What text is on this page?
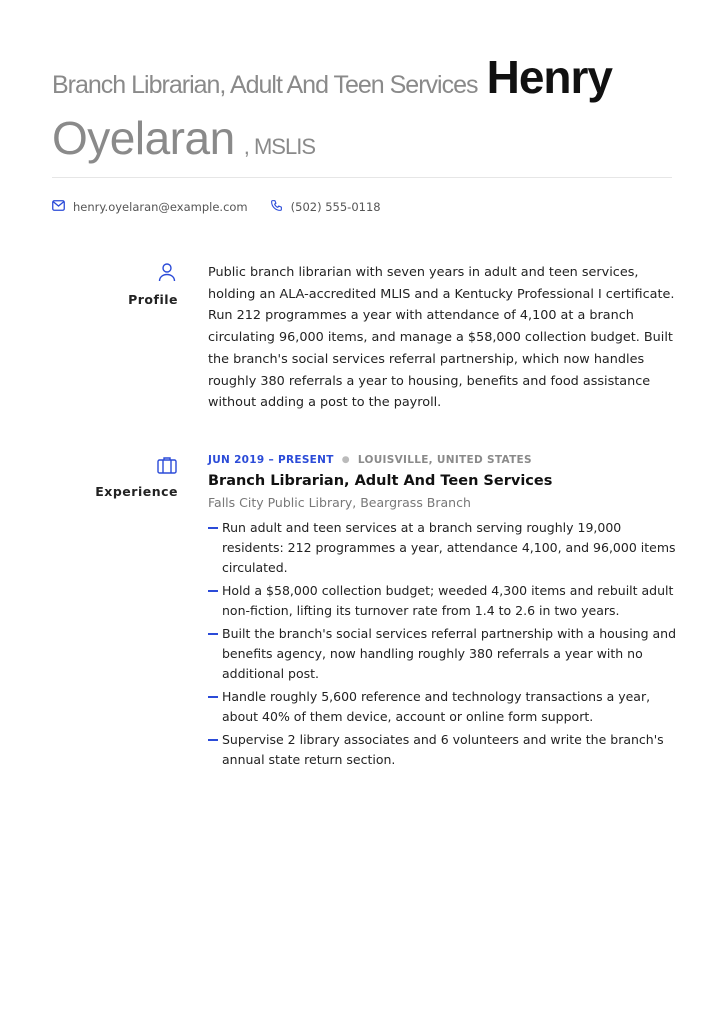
Branch Librarian, Adult And Teen Services Henry
Oyelaran , MSLIS
henry.oyelaran@example.com	(502) 555-0118
Profile

Public branch librarian with seven years in adult and teen services, holding an ALA-accredited MLIS and a Kentucky Professional I certificate. Run 212 programmes a year with attendance of 4,100 at a branch circulating 96,000 items, and manage a $58,000 collection budget. Built the branch's social services referral partnership, which now handles roughly 380 referrals a year to housing, benefits and food assistance without adding a post to the payroll.

Experience
JUN 2019 – PRESENT ● LOUISVILLE, UNITED STATES
Branch Librarian, Adult And Teen Services
Falls City Public Library, Beargrass Branch
Run adult and teen services at a branch serving roughly 19,000 residents: 212 programmes a year, attendance 4,100, and 96,000 items circulated.
Hold a $58,000 collection budget; weeded 4,300 items and rebuilt adult non-fiction, lifting its turnover rate from 1.4 to 2.6 in two years.
Built the branch's social services referral partnership with a housing and benefits agency, now handling roughly 380 referrals a year with no additional post.
Handle roughly 5,600 reference and technology transactions a year, about 40% of them device, account or online form support.
Supervise 2 library associates and 6 volunteers and write the branch's annual state return section.
